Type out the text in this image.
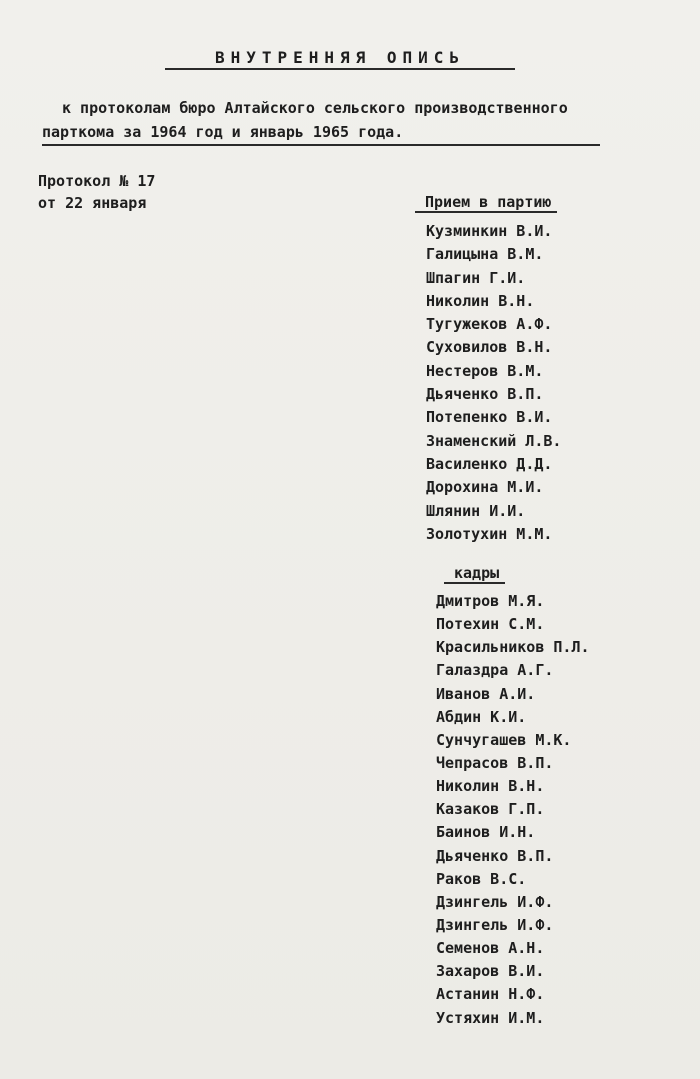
ВНУТРЕННЯЯ ОПИСЬ
к протоколам бюро Алтайского сельского производственного
парткома за 1964 год и январь 1965 года.
Протокол № 17
от 22 января	Прием в партию
Кузминкин В.И.
Галицына В.М.
Шпагин Г.И.
Николин В.Н.
Тугужеков А.Ф.
Суховилов В.Н.
Нестеров В.М.
Дьяченко В.П.
Потепенко В.И.
Знаменский Л.В.
Василенко Д.Д.
Дорохина М.И.
Шлянин И.И.
Золотухин М.М.
кадры
Дмитров М.Я.
Потехин С.М.
Красильников П.Л.
Галаздра А.Г.
Иванов А.И.
Абдин К.И.
Сунчугашев М.К.
Чепрасов В.П.
Николин В.Н.
Казаков Г.П.
Баинов И.Н.
Дьяченко В.П.
Раков В.С.
Дзингель И.Ф.
Дзингель И.Ф.
Семенов А.Н.
Захаров В.И.
Астанин Н.Ф.
Устяхин И.М.
